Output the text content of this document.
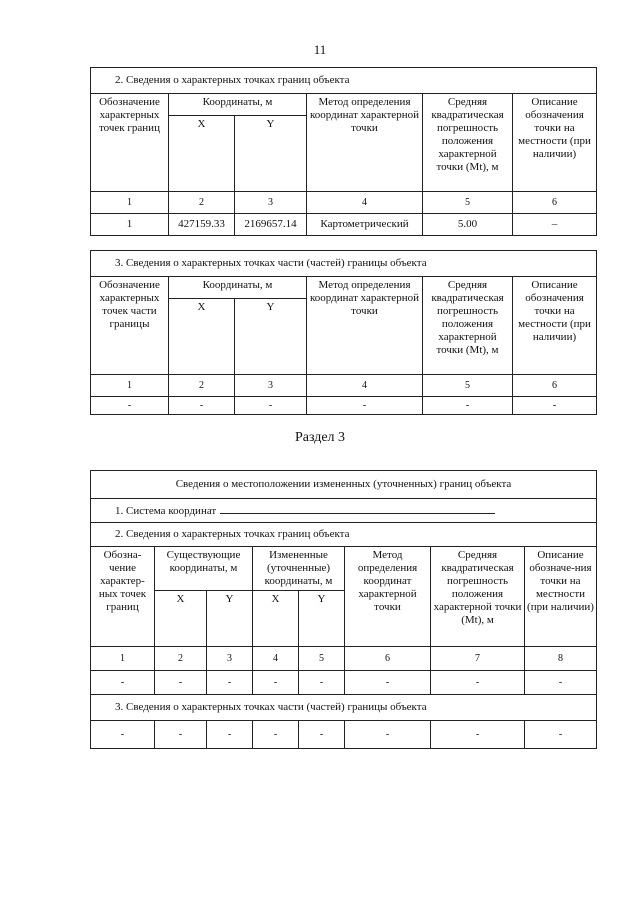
11
2. Сведения о характерных точках границ объекта					
Обозначение характерных точек границ	Координаты, м		Метод определения координат характерной точки	Средняя квадратическая погрешность положения характерной точки (Mt), м	Описание обозначения точки на местности (при наличии)
	X	Y			
1	2	3	4	5	6
1	427159.33	2169657.14	Картометрический	5.00	–
3. Сведения о характерных точках части (частей) границы объекта					
Обозначение характерных точек части границы	Координаты, м		Метод определения координат характерной точки	Средняя квадратическая погрешность положения характерной точки (Mt), м	Описание обозначения точки на местности (при наличии)
	X	Y			
1	2	3	4	5	6
-	-	-	-	-	-
Раздел 3
Сведения о местоположении измененных (уточненных) границ объекта							
1. Система координат							
2. Сведения о характерных точках границ объекта							
Обозна-чение характер-ных точек границ	Существующие координаты, м		Измененные (уточненные) координаты, м		Метод определения координат характерной точки	Средняя квадратическая погрешность положения характерной точки (Mt), м	Описание обозначе-ния точки на местности (при наличии)
	X	Y	X	Y			
1	2	3	4	5	6	7	8
-	-	-	-	-	-	-	-
3. Сведения о характерных точках части (частей) границы объекта							
-	-	-	-	-	-	-	-
